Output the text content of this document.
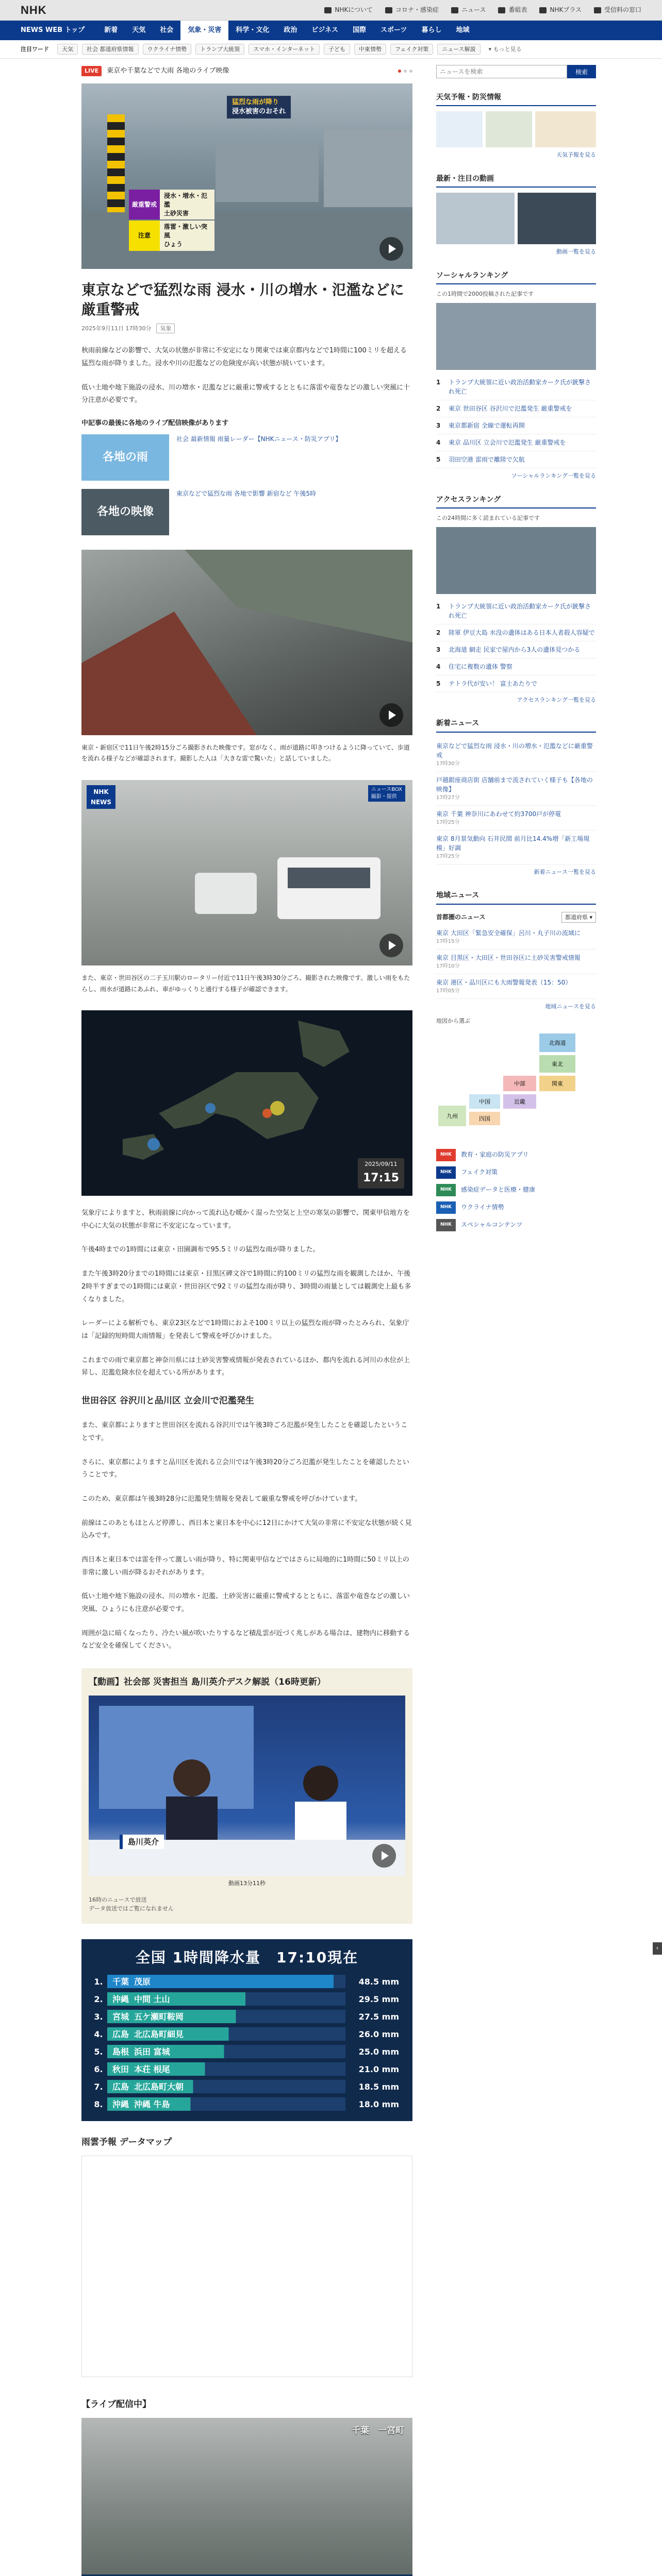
NHK	NHKについて	コロナ・感染症	ニュース	番組表	NHKプラス	受信料の窓口
NEWS WEB トップ	新着	天気	社会	気象・災害	科学・文化	政治	ビジネス	国際	スポーツ	暮らし	地域
注目ワード	天気	社会 都道府県情報	ウクライナ情勢	トランプ大統領	スマホ・インターネット	子ども	中東情勢	フェイク対策	ニュース解説	▾ もっと見る
LIVE	東京や千葉などで大雨 各地のライブ映像
猛烈な雨が降り
浸水被害のおそれ
厳重警戒
浸水・増水・氾濫
土砂災害
注意
落雷・激しい突風
ひょう
東京などで猛烈な雨 浸水・川の増水・氾濫などに厳重警戒
2025年9月11日 17時30分	気象

秋雨前線などの影響で、大気の状態が非常に不安定になり関東では東京都内などで1時間に100ミリを超える猛烈な雨が降りました。浸水や川の氾濫などの危険度が高い状態が続いています。

低い土地や地下施設の浸水、川の増水・氾濫などに厳重に警戒するとともに落雷や竜巻などの激しい突風に十分注意が必要です。

中記事の最後に各地のライブ配信映像があります
各地の雨
社会 最新情報 雨量レーダー【NHKニュース・防災アプリ】
各地の映像
東京などで猛烈な雨 各地で影響 新宿など 午後5時

東京・新宿区で11日午後2時15分ごろ撮影された映像です。窓がなく、雨が道路に叩きつけるように降っていて、歩道を流れる様子などが確認されます。撮影した人は「大きな雷で驚いた」と話していました。

NHK
NEWS
ニュースBOX
撮影・提供

また、東京・世田谷区の二子玉川駅のロータリー付近で11日午後3時30分ごろ、撮影された映像です。激しい雨をもたらし、雨水が道路にあふれ、車がゆっくりと通行する様子が確認できます。

2025/09/11
17:15

気象庁によりますと、秋雨前線に向かって流れ込む暖かく湿った空気と上空の寒気の影響で、関東甲信地方を中心に大気の状態が非常に不安定になっています。

午後4時までの1時間には東京・田園調布で95.5ミリの猛烈な雨が降りました。

また午後3時20分までの1時間には東京・目黒区碑文谷で1時間に約100ミリの猛烈な雨を観測したほか、午後2時半すぎまでの1時間には東京・世田谷区で92ミリの猛烈な雨が降り、3時間の雨量としては観測史上最も多くなりました。

レーダーによる解析でも、東京23区などで1時間におよそ100ミリ以上の猛烈な雨が降ったとみられ、気象庁は「記録的短時間大雨情報」を発表して警戒を呼びかけました。

これまでの雨で東京都と神奈川県には土砂災害警戒情報が発表されているほか、都内を流れる河川の水位が上昇し、氾濫危険水位を超えている所があります。

世田谷区 谷沢川と品川区 立会川で氾濫発生

また、東京都によりますと世田谷区を流れる谷沢川では午後3時ごろ氾濫が発生したことを確認したということです。

さらに、東京都によりますと品川区を流れる立会川では午後3時20分ごろ氾濫が発生したことを確認したということです。

このため、東京都は午後3時28分に氾濫発生情報を発表して厳重な警戒を呼びかけています。

前線はこのあともほとんど停滞し、西日本と東日本を中心に12日にかけて大気の非常に不安定な状態が続く見込みです。

西日本と東日本では雷を伴って激しい雨が降り、特に関東甲信などではさらに局地的に1時間に50ミリ以上の非常に激しい雨が降るおそれがあります。

低い土地や地下施設の浸水、川の増水・氾濫、土砂災害に厳重に警戒するとともに、落雷や竜巻などの激しい突風、ひょうにも注意が必要です。

周囲が急に暗くなったり、冷たい風が吹いたりするなど積乱雲が近づく兆しがある場合は、建物内に移動するなど安全を確保してください。

【動画】社会部 災害担当 島川英介デスク解説（16時更新）
島川英介
動画13分11秒
16時のニュースで放送
データ放送ではご覧になれません
全国 1時間降水量　17:10現在
1. 千葉 茂原	48.5 mm
2. 沖縄 中間 土山	29.5 mm
3. 宮城 五ケ瀬町鞍岡	27.5 mm
4. 広島 北広島町細見	26.0 mm
5. 島根 浜田 富城	25.0 mm
6. 秋田 本荘 根尾	21.0 mm
7. 広島 北広島町大朝	18.5 mm
8. 沖縄 沖縄 牛島	18.0 mm
雨雲予報 データマップ
【ライブ配信中】
千葉　一宮町
ニュースを検索
検索
天気予報・防災情報
天気予報を見る
最新・注目の動画
動画一覧を見る
ソーシャルランキング
この1時間で2000投稿された記事です
1	トランプ大統領に近い政治活動家カーク氏が銃撃され死亡
2	東京 世田谷区 谷沢川で氾濫発生 厳重警戒を
3	東京都新宿 全線で運転再開
4	東京 品川区 立会川で氾濫発生 厳重警戒を
5	羽田空港 雷雨で離陸で欠航
ソーシャルランキング一覧を見る
アクセスランキング
この24時間に多く読まれている記事です
1	トランプ大統領に近い政治活動家カーク氏が銃撃され死亡
2	陸軍 伊豆大島 水没の遺体はある日本人者殺人容疑で
3	北海道 網走 民家で屋内から3人の遺体見つかる
4	住宅に複数の遺体 警察
5	テトラ代が安い！ 富士あたりで
アクセスランキング一覧を見る
新着ニュース
東京などで猛烈な雨 浸水・川の増水・氾濫などに厳重警戒
17時30分
戸越銀座商店街 店舗前まで流されていく様子も【各地の映像】
17時27分
東京 千葉 神奈川にあわせて約3700戸が停電
17時25分
東京 8月景気動向 石井民間 前月比14.4%増「新工場規模」好調
17時25分
新着ニュース一覧を見る
地域ニュース
首都圏のニュース	都道府県 ▾
東京 大田区「緊急安全確保」呂川・丸子川の流域に
17時15分
東京 目黒区・大田区・世田谷区に土砂災害警戒情報
17時10分
東京 港区・品川区にも大雨警報発表（15：50）
17時05分
地域ニュースを見る
地図から選ぶ
北海道
東北
関東
中部
近畿
中国
四国
九州
NHK	教育・家庭の防災アプリ
NHK	フェイク対策
NHK	感染症データと医療・健康
NHK	ウクライナ情勢
NHK	スペシャルコンテンツ
‹
